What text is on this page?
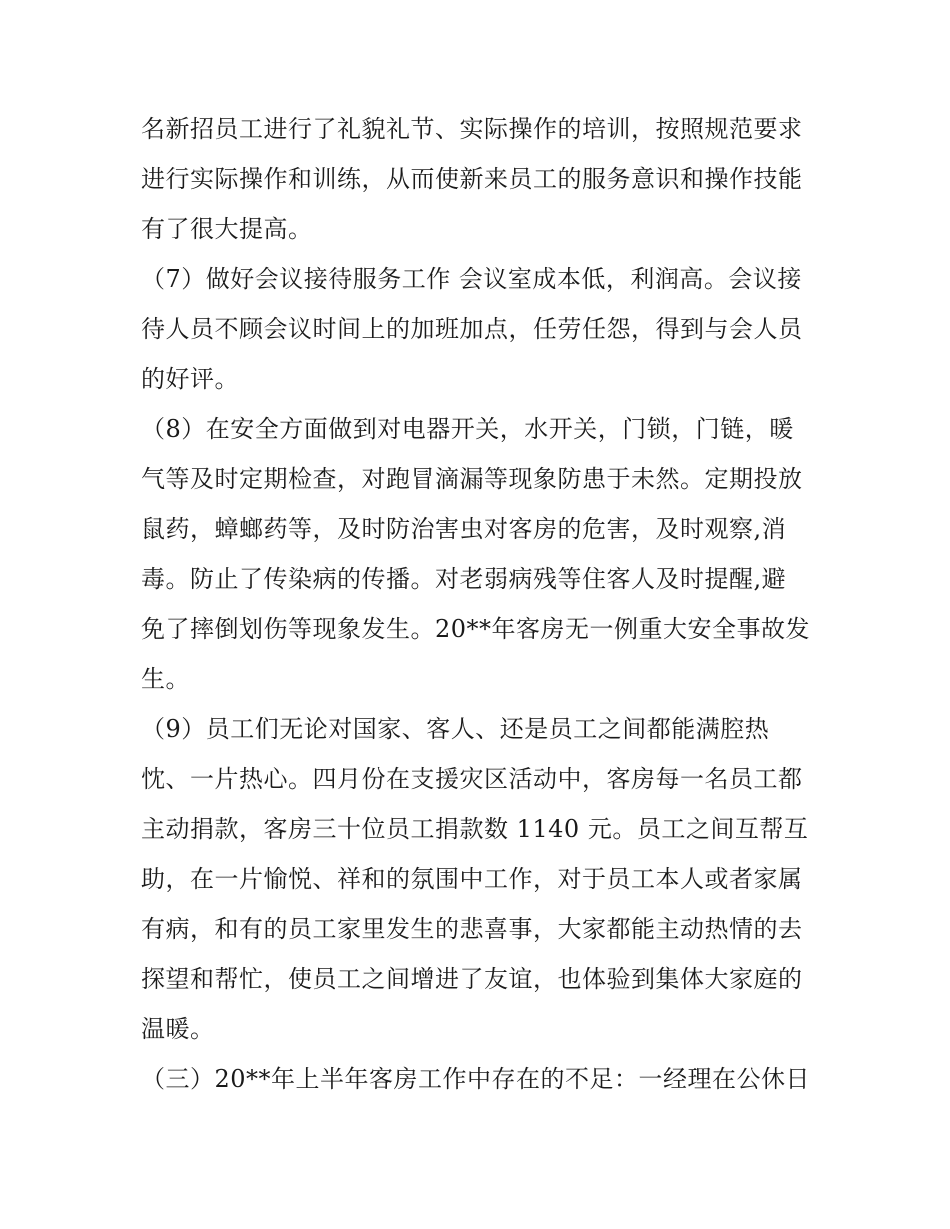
名新招员工进行了礼貌礼节、实际操作的培训，按照规范要求
进行实际操作和训练，从而使新来员工的服务意识和操作技能
有了很大提高。
（7）做好会议接待服务工作 会议室成本低，利润高。会议接
待人员不顾会议时间上的加班加点，任劳任怨，得到与会人员
的好评。
（8）在安全方面做到对电器开关，水开关，门锁，门链，暖
气等及时定期检查，对跑冒滴漏等现象防患于未然。定期投放
鼠药，蟑螂药等，及时防治害虫对客房的危害，及时观察,消
毒。防止了传染病的传播。对老弱病残等住客人及时提醒,避
免了摔倒划伤等现象发生。20**年客房无一例重大安全事故发
生。
（9）员工们无论对国家、客人、还是员工之间都能满腔热
忱、一片热心。四月份在支援灾区活动中，客房每一名员工都
主动捐款，客房三十位员工捐款数 1140 元。员工之间互帮互
助，在一片愉悦、祥和的氛围中工作，对于员工本人或者家属
有病，和有的员工家里发生的悲喜事，大家都能主动热情的去
探望和帮忙，使员工之间增进了友谊，也体验到集体大家庭的
温暖。
（三）20**年上半年客房工作中存在的不足：一经理在公休日
